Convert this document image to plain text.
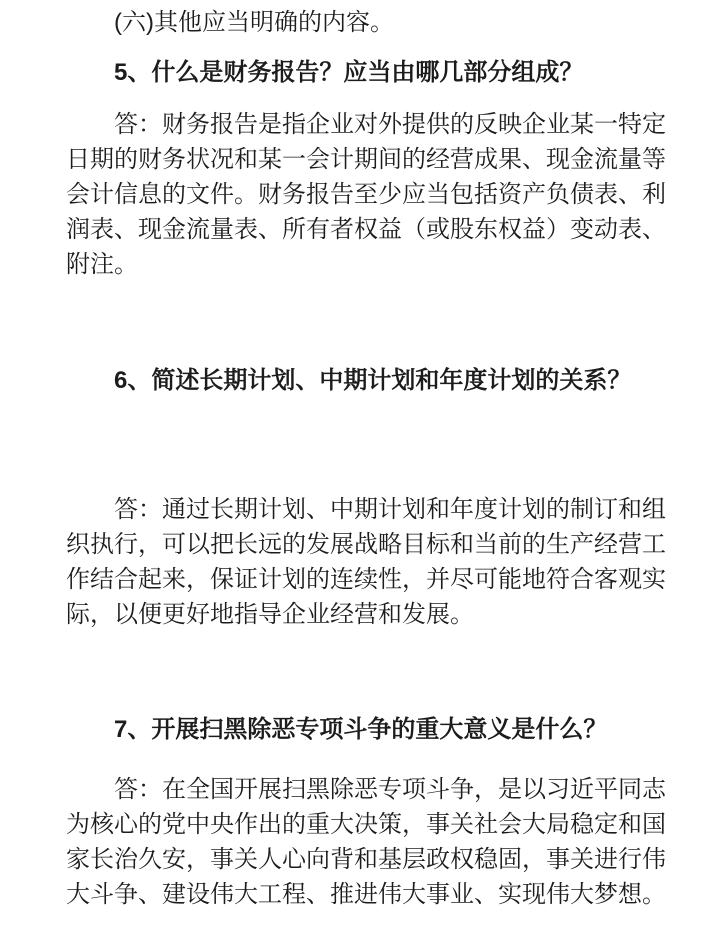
(六)其他应当明确的内容。
5、什么是财务报告？应当由哪几部分组成？
答：财务报告是指企业对外提供的反映企业某一特定
日期的财务状况和某一会计期间的经营成果、现金流量等
会计信息的文件。财务报告至少应当包括资产负债表、利
润表、现金流量表、所有者权益（或股东权益）变动表、
附注。
6、简述长期计划、中期计划和年度计划的关系？
答：通过长期计划、中期计划和年度计划的制订和组
织执行，可以把长远的发展战略目标和当前的生产经营工
作结合起来，保证计划的连续性，并尽可能地符合客观实
际，以便更好地指导企业经营和发展。
7、开展扫黑除恶专项斗争的重大意义是什么？
答：在全国开展扫黑除恶专项斗争，是以习近平同志
为核心的党中央作出的重大决策，事关社会大局稳定和国
家长治久安，事关人心向背和基层政权稳固，事关进行伟
大斗争、建设伟大工程、推进伟大事业、实现伟大梦想。
